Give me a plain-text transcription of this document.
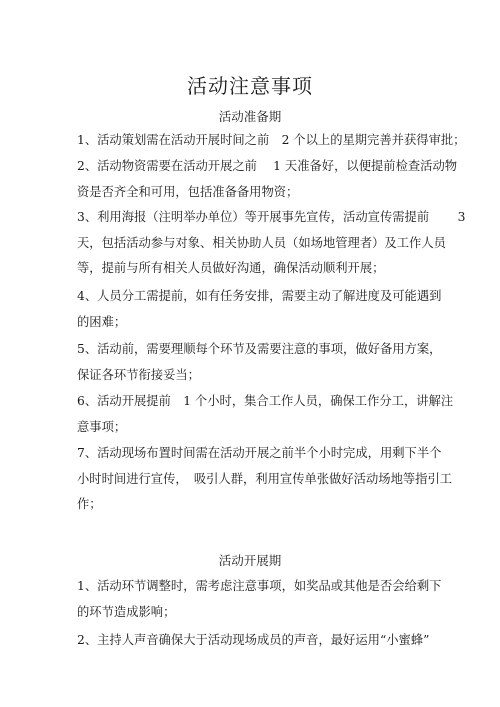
活动注意事项
活动准备期
1、活动策划需在活动开展时间之前　2 个以上的星期完善并获得审批；
2、活动物资需要在活动开展之前　 1 天准备好，以便提前检查活动物
资是否齐全和可用，包括准备备用物资；
3、利用海报（注明举办单位）等开展事先宣传，活动宣传需提前　　 3
天，包括活动参与对象、相关协助人员（如场地管理者）及工作人员
等，提前与所有相关人员做好沟通，确保活动顺利开展；
4、人员分工需提前，如有任务安排，需要主动了解进度及可能遇到
的困难；
5、活动前，需要理顺每个环节及需要注意的事项，做好备用方案，
保证各环节衔接妥当；
6、活动开展提前　1 个小时，集合工作人员，确保工作分工，讲解注
意事项；
7、活动现场布置时间需在活动开展之前半个小时完成，用剩下半个
小时时间进行宣传，　吸引人群，利用宣传单张做好活动场地等指引工
作；
活动开展期
1、活动环节调整时，需考虑注意事项，如奖品或其他是否会给剩下
的环节造成影响；
2、主持人声音确保大于活动现场成员的声音，最好运用“小蜜蜂”
